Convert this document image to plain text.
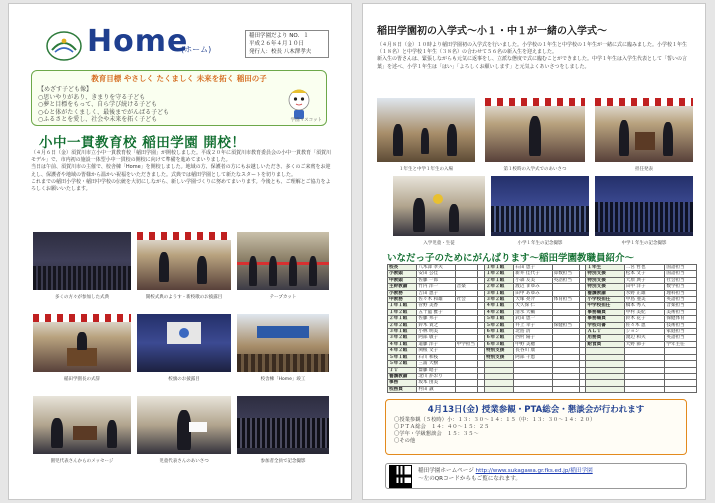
Home
(ホーム)
稲田学園だより NO．１
平成２６年４月１０日
発行人：校長 八木澤孝夫
教育目標 やさしく たくましく 未来を拓く 稲田の子
【めざす子ども像】
○思いやりがあり、きまりを守る子ども
○夢と目標をもって、自ら学び続ける子ども
○心と体がたくましく、最後までがんばる子ども
○ふるさとを愛し、社会や未来を拓く子ども	学園マスコット
小中一貫教育校 稲田学園 開校！

（４月６日（金）須賀川市立小中一貫教育校「稲田学園」が開校しました。平成２０年に須賀川市教育委員会の小中一貫教育「須賀川モデル」で、市内初の施設一体型小中一貫校の開校に向けて準備を進めてまいりました。

当日は午前、須賀川市の主催で、校舎棟「Home」を開校しました。地域の方、保護者の方にもお越しいただき、多くのご来賓をお迎えし、保護者や地域の皆様から温かい祝福をいただきました。式典では稲田学園として新たなスタートを切りました。

これまでの稲田小学校・稲田中学校の伝統を大切にしながら、新しい学園づくりに努めてまいります。今後とも、ご理解とご協力をよろしくお願いいたします。

多くの方々が参加した式典	開校式典のようす・新校歌のお披露目	テープカット
稲田学園長の式辞	校旗のお披露目	校舎棟「Home」竣工
園児代表さんからのメッセージ	児童代表さんのあいさつ	参加者全員で記念撮影
稲田学園初の入学式～小１・中１が一緒の入学式～

（４月８日（金）１０時より稲田学園初の入学式を行いました。小学校の１年生と中学校の１年生が一緒に式に臨みました。小学校１年生（１８名）と中学校１年生（３８名）の合わせて５６名の新入生を迎えました。

新入生の皆さんは、緊張しながらも元気に返事をし、立派な態度で式に臨むことができました。中学１年生は入学生代表として「誓いの言葉」を述べ、小学１年生は「はい」「よろしくお願いします」と元気よくあいさつをしました。

１年生と中学１年生の入場	第１校時の入学式でのあいさつ	担任発表
入学児童・生徒	小学１年生の記念撮影	中学１年生の記念撮影
いなだっ子のためにがんばります～稲田学園教職員紹介～
校長	八木澤 孝夫			１年１組	石田 恵子			１年生	二宮 哲也	国語担当
小教頭	安田 公佳			１年２組	新井 佳代子	算数担当		特別支援	松本 文子	国語担当
中教頭	佐藤 一郎			２年１組	小森 友美	英語担当		特別支援	大原 典子	社会担当
主幹教諭	竹内 洋一	音楽		２年２組	渡辺 まゆみ			特別支援	田中 洋子	数学担当
小教務	吉田 恵子			３年１組	田中 あゆみ			養護教諭	水野 正雄	理科担当
中教務	佐々木 和雄	社会		３年２組	大塚 亮介	体育担当		小学校担任	中島 亜美	英語担当
１年１組	菅野 美香			４年１組	大久保 仁			中学校担任	橋本 秀人	音楽担当
１年２組	五十嵐 雅子			４年２組	清水 大輔			事務職員	中村 美紀	美術担当
２年１組	佐藤 邦子			５年１組	武田 恵一			事務職員	鈴木 花子	保健体育
２年２組	鈴木 貴之			５年２組	井上 幸子	保健担当		学校司書	佐々木 恵	技術担当
３年１組	小林 明美			６年１組	北島 清			ＡＬＴ	ジョン	家庭担当
３年２組	阿部 敏子			６年２組	西村 陽子			用務員	渡辺 和夫	英語担当
４年１組	遠藤 洋子	中学担当		６年３組	中野 美穂			給食員	大野 節子	学年主任
４年２組	関根 文子			特別支援	長谷川 康					
５年１組	石川 和枝			特別支援	阿部 千恵					
５年２組	三浦 大樹									
ＴＴ	齋藤 昭子									
養護教諭	北川 かおり									
事務	坂本 由美									
校務員	村田 誠									
4月13日(金) 授業参観・PTA総会・懇談会が行われます
〇授業参観（５校時）小：１３：３０～１４：１５（中：１３：３０～１４：２０）
〇ＰＴＡ総会　１４：４０～１５：２５
〇学年・学級懇談会　１５：３５～
〇その他
稲田学園ホームページ http://www.sukagawa.gr.fks.ed.jp/稲田学園
～左のQRコードからもご覧になれます。
